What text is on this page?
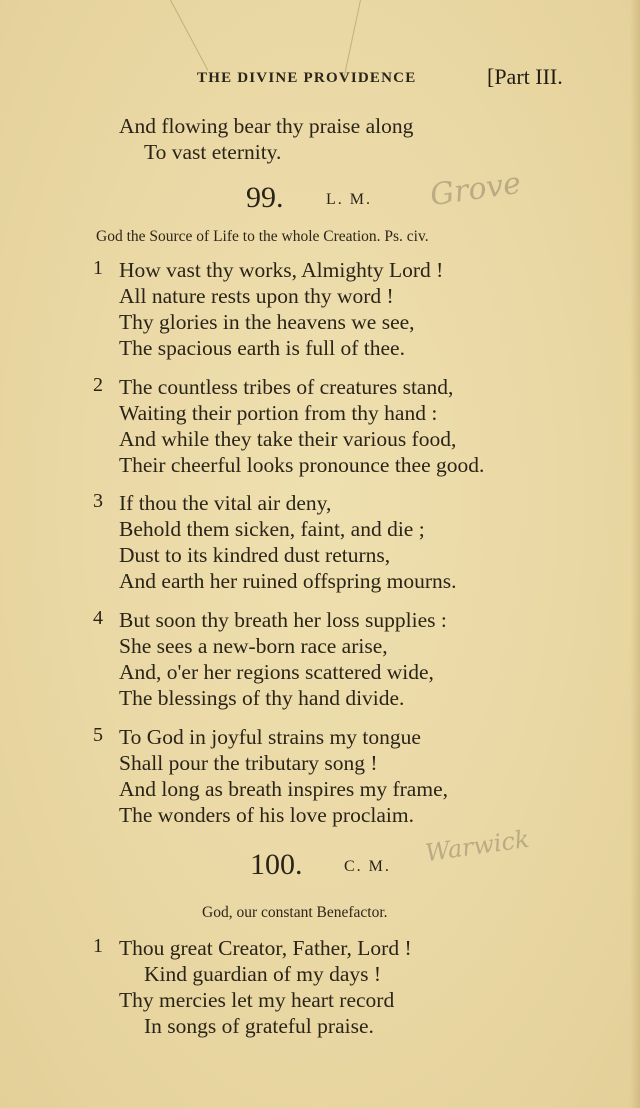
THE DIVINE PROVIDENCE	[Part III.
And flowing bear thy praise along
To vast eternity.
99.	L. M. Grove
God the Source of Life to the whole Creation. Ps. civ.
1 How vast thy works, Almighty Lord !
All nature rests upon thy word !
Thy glories in the heavens we see,
The spacious earth is full of thee.
2 The countless tribes of creatures stand,
Waiting their portion from thy hand :
And while they take their various food,
Their cheerful looks pronounce thee good.
3 If thou the vital air deny,
Behold them sicken, faint, and die ;
Dust to its kindred dust returns,
And earth her ruined offspring mourns.
4 But soon thy breath her loss supplies :
She sees a new-born race arise,
And, o'er her regions scattered wide,
The blessings of thy hand divide.
5 To God in joyful strains my tongue
Shall pour the tributary song !
And long as breath inspires my frame,
The wonders of his love proclaim.
100.	C. M. Warwick
God, our constant Benefactor.
1 Thou great Creator, Father, Lord !
Kind guardian of my days !
Thy mercies let my heart record
In songs of grateful praise.
